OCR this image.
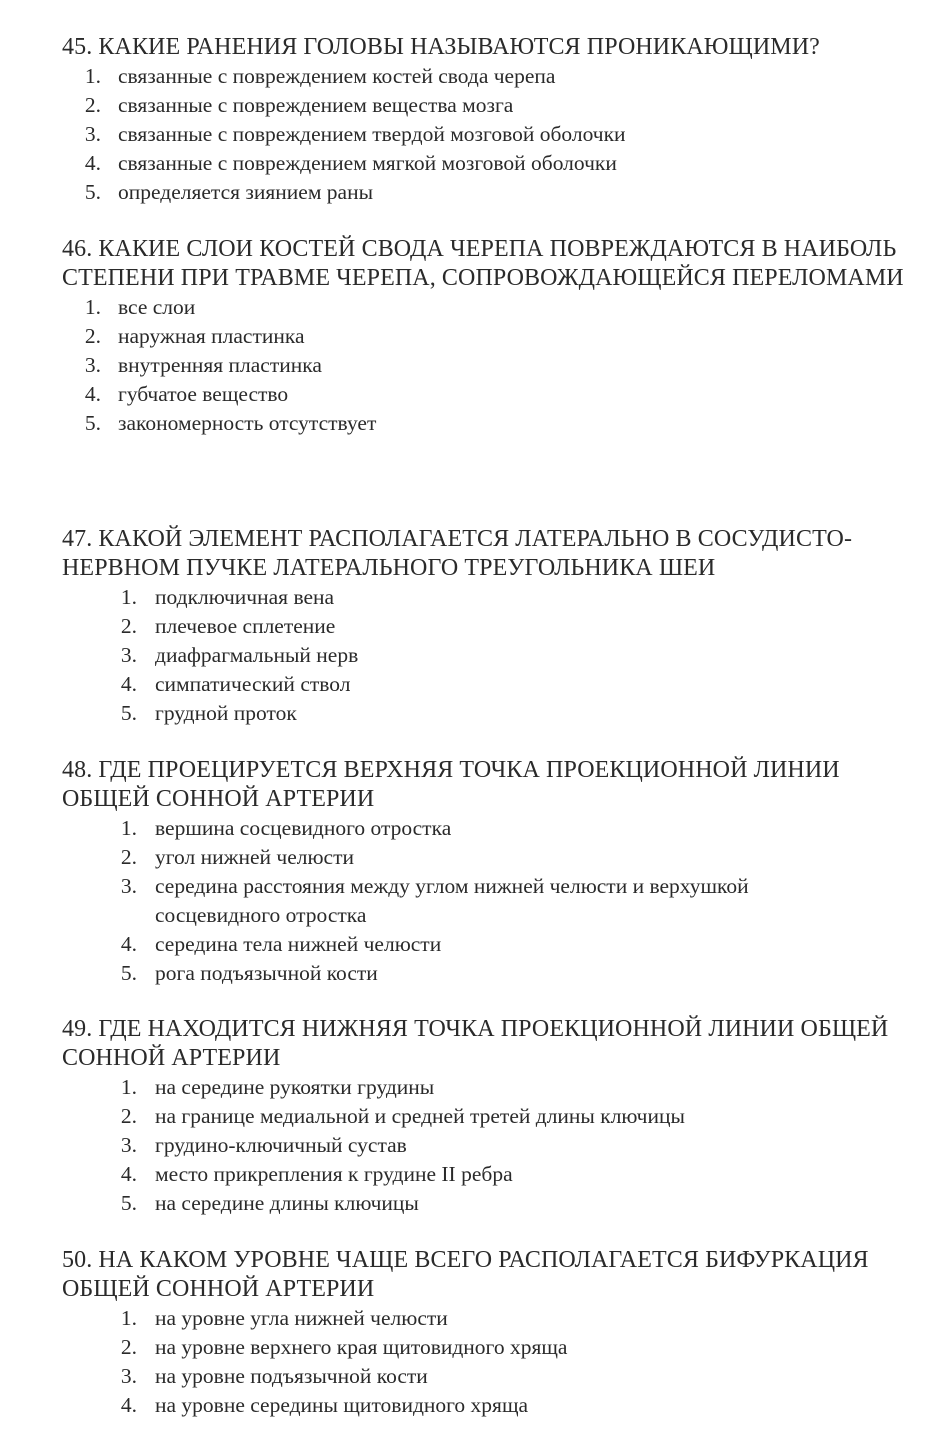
45. КАКИЕ РАНЕНИЯ ГОЛОВЫ НАЗЫВАЮТСЯ ПРОНИКАЮЩИМИ?
1. связанные с повреждением костей свода черепа
2. связанные с повреждением вещества мозга
3. связанные с повреждением твердой мозговой оболочки
4. связанные с повреждением мягкой мозговой оболочки
5. определяется зиянием раны
46. КАКИЕ СЛОИ КОСТЕЙ СВОДА ЧЕРЕПА ПОВРЕЖДАЮТСЯ В НАИБОЛЬ СТЕПЕНИ ПРИ ТРАВМЕ ЧЕРЕПА, СОПРОВОЖДАЮЩЕЙСЯ ПЕРЕЛОМАМИ
1. все слои
2. наружная пластинка
3. внутренняя пластинка
4. губчатое вещество
5. закономерность отсутствует
47. КАКОЙ ЭЛЕМЕНТ РАСПОЛАГАЕТСЯ ЛАТЕРАЛЬНО В СОСУДИСТО-НЕРВНОМ ПУЧКЕ ЛАТЕРАЛЬНОГО ТРЕУГОЛЬНИКА ШЕИ
1. подключичная вена
2. плечевое сплетение
3. диафрагмальный нерв
4. симпатический ствол
5. грудной проток
48. ГДЕ ПРОЕЦИРУЕТСЯ ВЕРХНЯЯ ТОЧКА ПРОЕКЦИОННОЙ ЛИНИИ ОБЩЕЙ СОННОЙ АРТЕРИИ
1. вершина сосцевидного отростка
2. угол нижней челюсти
3. середина расстояния между углом нижней челюсти и верхушкой сосцевидного отростка
4. середина тела нижней челюсти
5. рога подъязычной кости
49. ГДЕ НАХОДИТСЯ НИЖНЯЯ ТОЧКА ПРОЕКЦИОННОЙ ЛИНИИ ОБЩЕЙ СОННОЙ АРТЕРИИ
1. на середине рукоятки грудины
2. на границе медиальной и средней третей длины ключицы
3. грудино-ключичный сустав
4. место прикрепления к грудине II ребра
5. на середине длины ключицы
50. НА КАКОМ УРОВНЕ ЧАЩЕ ВСЕГО РАСПОЛАГАЕТСЯ БИФУРКАЦИЯ ОБЩЕЙ СОННОЙ АРТЕРИИ
1. на уровне угла нижней челюсти
2. на уровне верхнего края щитовидного хряща
3. на уровне подъязычной кости
4. на уровне середины щитовидного хряща
